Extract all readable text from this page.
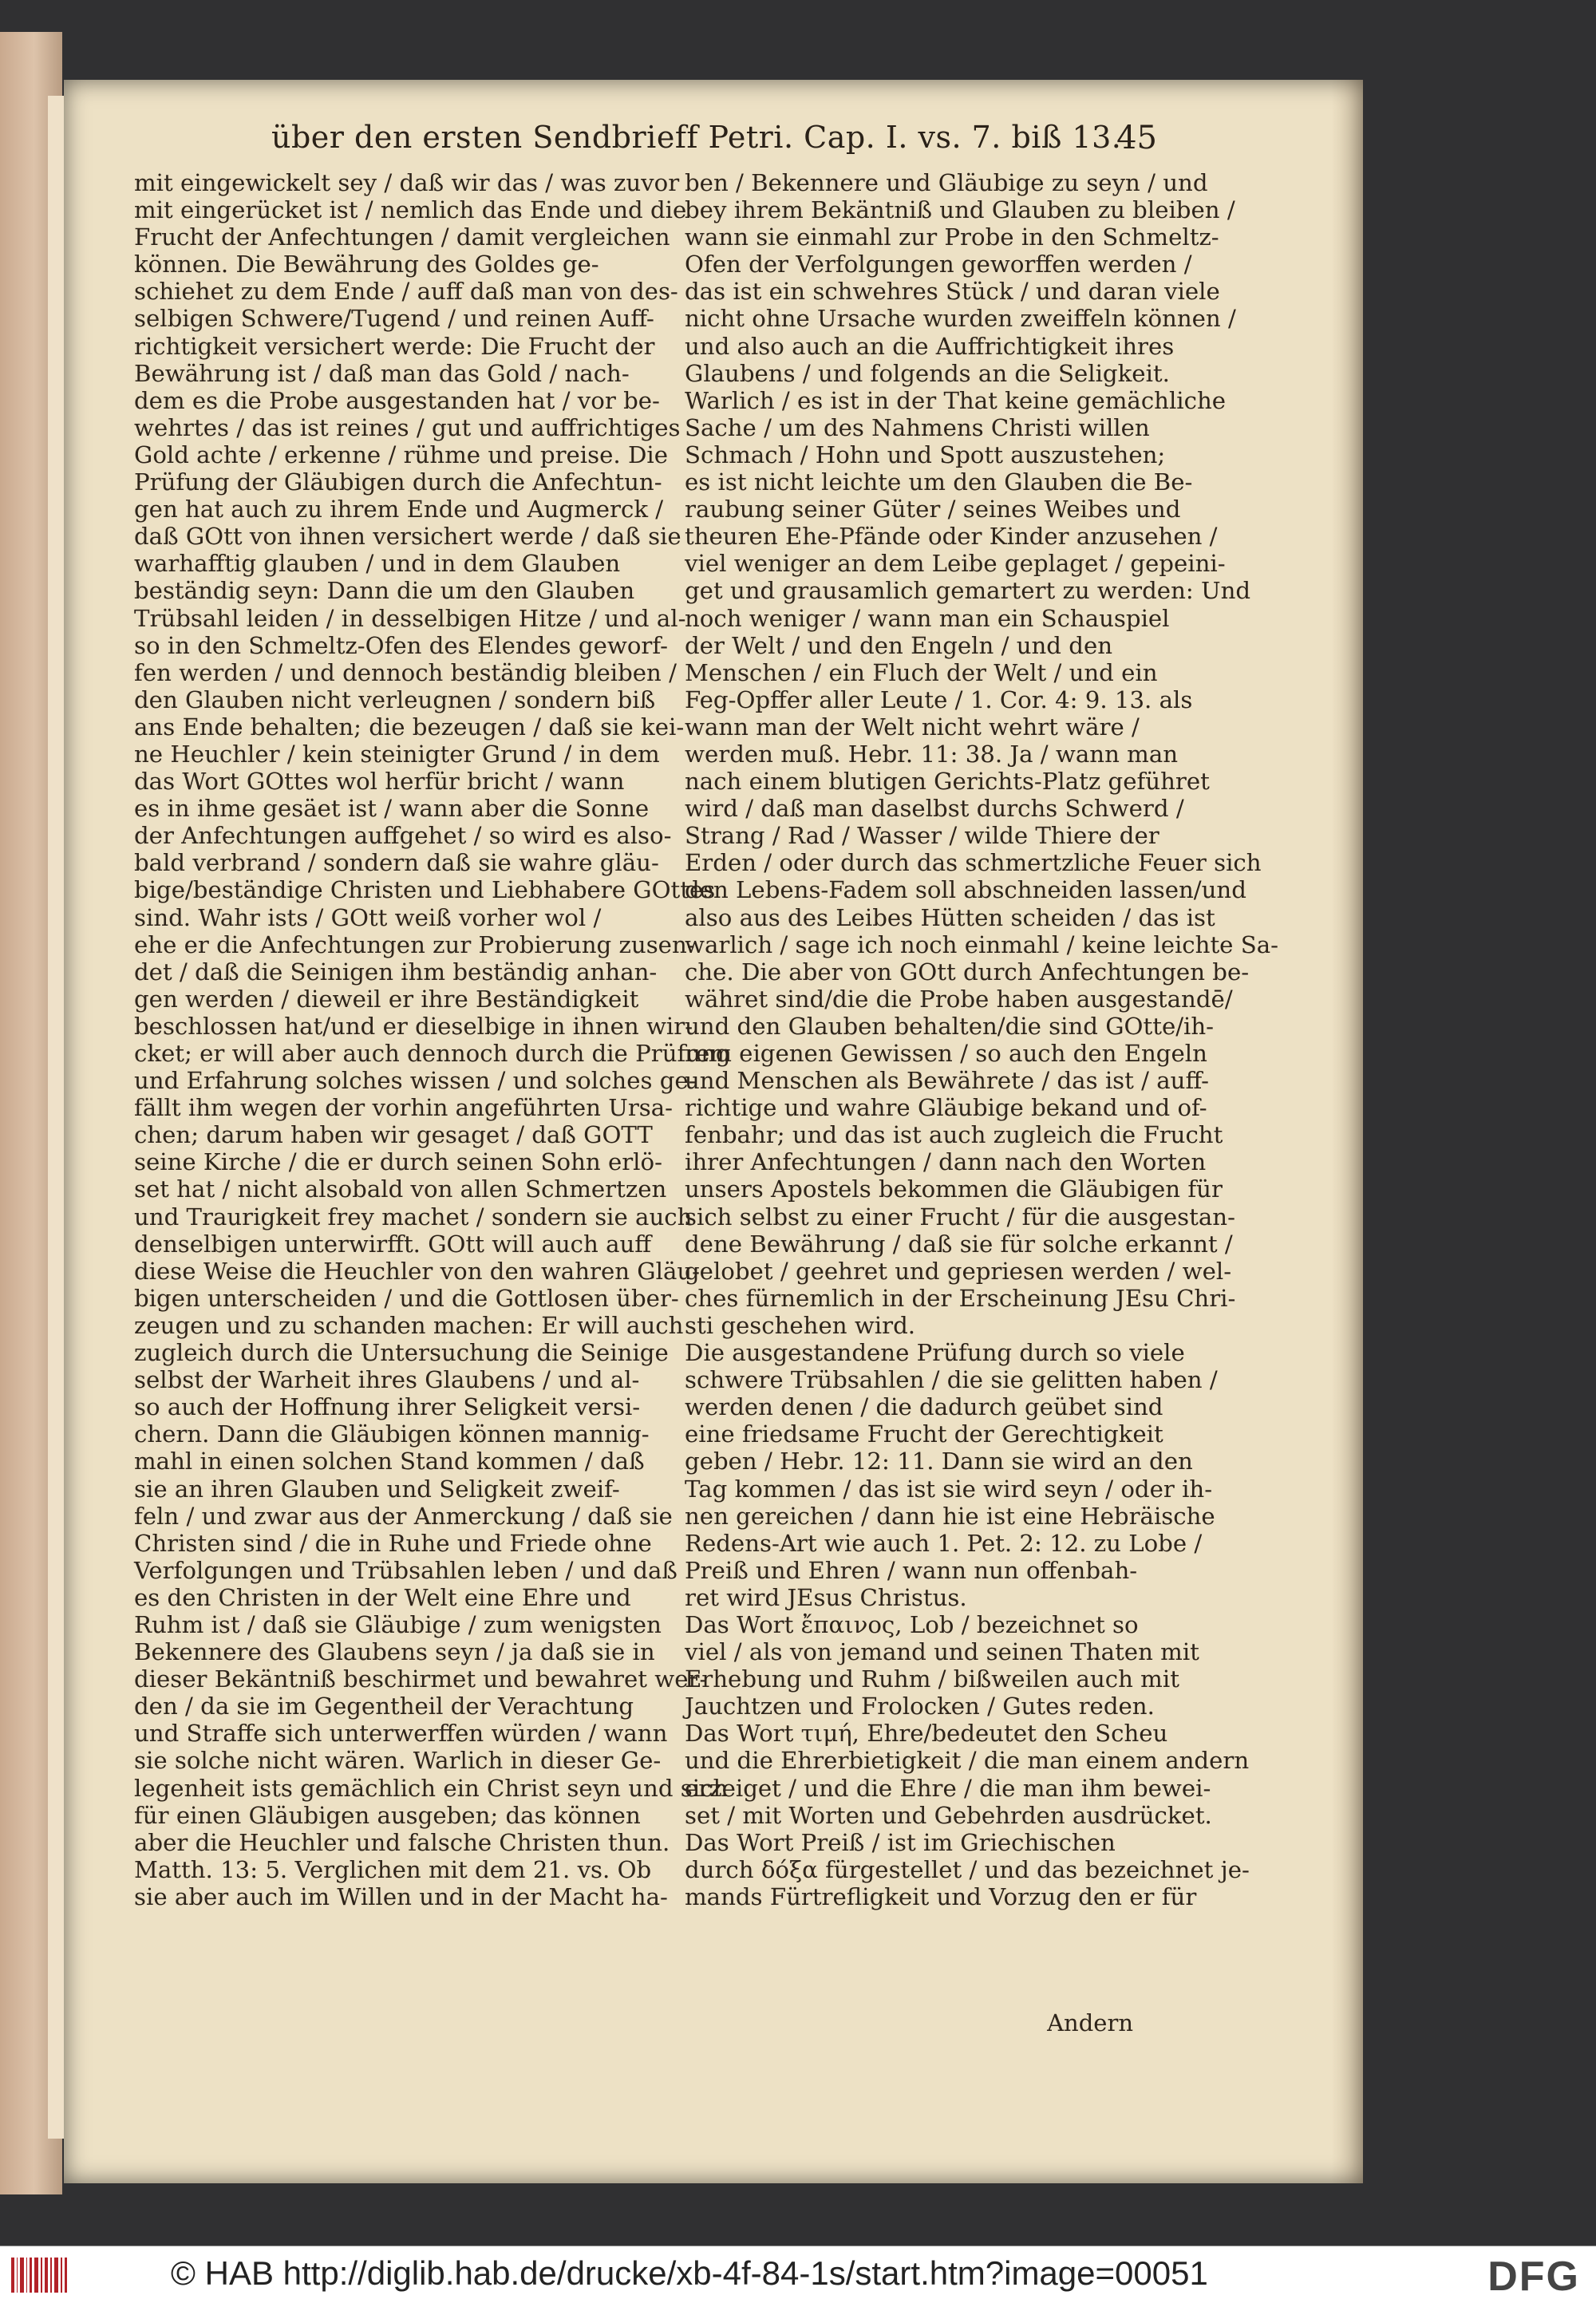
über den ersten Sendbrieff Petri. Cap. I. vs. 7. biß 13.
45
mit eingewickelt sey / daß wir das / was zuvor
mit eingerücket ist / nemlich das Ende und die
Frucht der Anfechtungen / damit vergleichen
können. Die Bewährung des Goldes ge-
schiehet zu dem Ende / auff daß man von des-
selbigen Schwere/Tugend / und reinen Auff-
richtigkeit versichert werde: Die Frucht der
Bewährung ist / daß man das Gold / nach-
dem es die Probe ausgestanden hat / vor be-
wehrtes / das ist reines / gut und auffrichtiges
Gold achte / erkenne / rühme und preise. Die
Prüfung der Gläubigen durch die Anfechtun-
gen hat auch zu ihrem Ende und Augmerck /
daß GOtt von ihnen versichert werde / daß sie
warhafftig glauben / und in dem Glauben
beständig seyn: Dann die um den Glauben
Trübsahl leiden / in desselbigen Hitze / und al-
so in den Schmeltz-Ofen des Elendes geworf-
fen werden / und dennoch beständig bleiben /
den Glauben nicht verleugnen / sondern biß
ans Ende behalten; die bezeugen / daß sie kei-
ne Heuchler / kein steinigter Grund / in dem
das Wort GOttes wol herfür bricht / wann
es in ihme gesäet ist / wann aber die Sonne
der Anfechtungen auffgehet / so wird es also-
bald verbrand / sondern daß sie wahre gläu-
bige/beständige Christen und Liebhabere GOttes
sind. Wahr ists / GOtt weiß vorher wol /
ehe er die Anfechtungen zur Probierung zusen-
det / daß die Seinigen ihm beständig anhan-
gen werden / dieweil er ihre Beständigkeit
beschlossen hat/und er dieselbige in ihnen wir-
cket; er will aber auch dennoch durch die Prüfung
und Erfahrung solches wissen / und solches ge-
fällt ihm wegen der vorhin angeführten Ursa-
chen; darum haben wir gesaget / daß GOTT
seine Kirche / die er durch seinen Sohn erlö-
set hat / nicht alsobald von allen Schmertzen
und Traurigkeit frey machet / sondern sie auch
denselbigen unterwirfft. GOtt will auch auff
diese Weise die Heuchler von den wahren Gläu-
bigen unterscheiden / und die Gottlosen über-
zeugen und zu schanden machen: Er will auch
zugleich durch die Untersuchung die Seinige
selbst der Warheit ihres Glaubens / und al-
so auch der Hoffnung ihrer Seligkeit versi-
chern. Dann die Gläubigen können mannig-
mahl in einen solchen Stand kommen / daß
sie an ihren Glauben und Seligkeit zweif-
feln / und zwar aus der Anmerckung / daß sie
Christen sind / die in Ruhe und Friede ohne
Verfolgungen und Trübsahlen leben / und daß
es den Christen in der Welt eine Ehre und
Ruhm ist / daß sie Gläubige / zum wenigsten
Bekennere des Glaubens seyn / ja daß sie in
dieser Bekäntniß beschirmet und bewahret wer-
den / da sie im Gegentheil der Verachtung
und Straffe sich unterwerffen würden / wann
sie solche nicht wären. Warlich in dieser Ge-
legenheit ists gemächlich ein Christ seyn und sich
für einen Gläubigen ausgeben; das können
aber die Heuchler und falsche Christen thun.
Matth. 13: 5. Verglichen mit dem 21. vs. Ob
sie aber auch im Willen und in der Macht ha-
ben / Bekennere und Gläubige zu seyn / und
bey ihrem Bekäntniß und Glauben zu bleiben /
wann sie einmahl zur Probe in den Schmeltz-
Ofen der Verfolgungen geworffen werden /
das ist ein schwehres Stück / und daran viele
nicht ohne Ursache wurden zweiffeln können /
und also auch an die Auffrichtigkeit ihres
Glaubens / und folgends an die Seligkeit.
Warlich / es ist in der That keine gemächliche
Sache / um des Nahmens Christi willen
Schmach / Hohn und Spott auszustehen;
es ist nicht leichte um den Glauben die Be-
raubung seiner Güter / seines Weibes und
theuren Ehe-Pfände oder Kinder anzusehen /
viel weniger an dem Leibe geplaget / gepeini-
get und grausamlich gemartert zu werden: Und
noch weniger / wann man ein Schauspiel
der Welt / und den Engeln / und den
Menschen / ein Fluch der Welt / und ein
Feg-Opffer aller Leute / 1. Cor. 4: 9. 13. als
wann man der Welt nicht wehrt wäre /
werden muß. Hebr. 11: 38. Ja / wann man
nach einem blutigen Gerichts-Platz geführet
wird / daß man daselbst durchs Schwerd /
Strang / Rad / Wasser / wilde Thiere der
Erden / oder durch das schmertzliche Feuer sich
den Lebens-Fadem soll abschneiden lassen/und
also aus des Leibes Hütten scheiden / das ist
warlich / sage ich noch einmahl / keine leichte Sa-
che. Die aber von GOtt durch Anfechtungen be-
währet sind/die die Probe haben ausgestandē/
und den Glauben behalten/die sind GOtte/ih-
rem eigenen Gewissen / so auch den Engeln
und Menschen als Bewährete / das ist / auff-
richtige und wahre Gläubige bekand und of-
fenbahr; und das ist auch zugleich die Frucht
ihrer Anfechtungen / dann nach den Worten
unsers Apostels bekommen die Gläubigen für
sich selbst zu einer Frucht / für die ausgestan-
dene Bewährung / daß sie für solche erkannt /
gelobet / geehret und gepriesen werden / wel-
ches fürnemlich in der Erscheinung JEsu Chri-
sti geschehen wird.
Die ausgestandene Prüfung durch so viele
schwere Trübsahlen / die sie gelitten haben /
werden denen / die dadurch geübet sind
eine friedsame Frucht der Gerechtigkeit
geben / Hebr. 12: 11. Dann sie wird an den
Tag kommen / das ist sie wird seyn / oder ih-
nen gereichen / dann hie ist eine Hebräische
Redens-Art wie auch 1. Pet. 2: 12. zu Lobe /
Preiß und Ehren / wann nun offenbah-
ret wird JEsus Christus.
Das Wort ἔπαινος, Lob / bezeichnet so
viel / als von jemand und seinen Thaten mit
Erhebung und Ruhm / bißweilen auch mit
Jauchtzen und Frolocken / Gutes reden.
Das Wort τιμή, Ehre/bedeutet den Scheu
und die Ehrerbietigkeit / die man einem andern
erzeiget / und die Ehre / die man ihm bewei-
set / mit Worten und Gebehrden ausdrücket.
Das Wort Preiß / ist im Griechischen
durch δόξα fürgestellet / und das bezeichnet je-
mands Fürtrefligkeit und Vorzug den er für
Andern
© HAB http://diglib.hab.de/drucke/xb-4f-84-1s/start.htm?image=00051	DFG
